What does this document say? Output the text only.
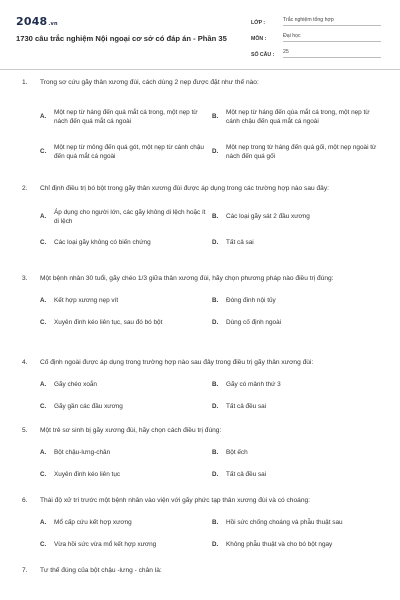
2048.vn
1730 câu trắc nghiệm Nội ngoại cơ sở có đáp án - Phần 35
LỚP :	Trắc nghiệm tổng hợp
MÔN :	Đại học
SỐ CÂU :	25
1.	Trong sơ cứu gãy thân xương đùi, cách dùng 2 nẹp được đặt như thế nào:
A.
Một nẹp từ háng đến quá mắt cá trong, một nẹp từ nách đến quá mắt cá ngoài
B.
Một nẹp từ háng đến qúa mắt cá trong, một nẹp từ cánh chậu đến quá mắt cá ngoài
C.
Một nẹp từ mông đến quá gót, một nẹp từ cánh chậu đến quá mắt cá ngoài
D.
Một nẹp trong từ háng đến quá gối, một nẹp ngoài từ nách đến quá gối
2.	Chỉ định điều trị bó bột trong gãy thân xương đùi được áp dụng trong các trường hợp nào sau đây:
A.
Áp dụng cho người lớn, các gãy không di lệch hoặc ít di lệch
B.	Các loại gãy sát 2 đầu xương
C.	Các loại gãy không có biến chứng	D.	Tất cả sai
3.	Một bệnh nhân 30 tuổi, gãy chéo 1/3 giữa thân xương đùi, hãy chọn phương pháp nào điều trị đúng:
A.	Kết hợp xương nẹp vít	B.	Đóng đinh nội tủy
C.	Xuyên đinh kéo liên tục, sau đó bó bột	D.	Dùng cố định ngoài
4.	Cố định ngoài được áp dụng trong trường hợp nào sau đây trong điều trị gãy thân xương đùi:
A.	Gãy chéo xoắn	B.	Gãy có mảnh thứ 3
C.	Gãy gần các đầu xương	D.	Tất cả đều sai
5.	Một trẻ sơ sinh bị gãy xương đùi, hãy chọn cách điều trị đúng:
A.	Bột chậu-lưng-chân	B.	Bột ếch
C.	Xuyên đinh kéo liên tục	D.	Tất cả đều sai
6.	Thái độ xử trí trước một bệnh nhân vào viện với gãy phức tạp thân xương đùi và có choáng:
A.	Mổ cấp cứu kết hợp xương	B.	Hồi sức chống choáng và phẫu thuật sau
C.	Vừa hồi sức vừa mổ kết hợp xương	D.	Không phẫu thuật và cho bó bột ngay
7.	Tư thế đúng của bột chậu -lưng - chân là:
